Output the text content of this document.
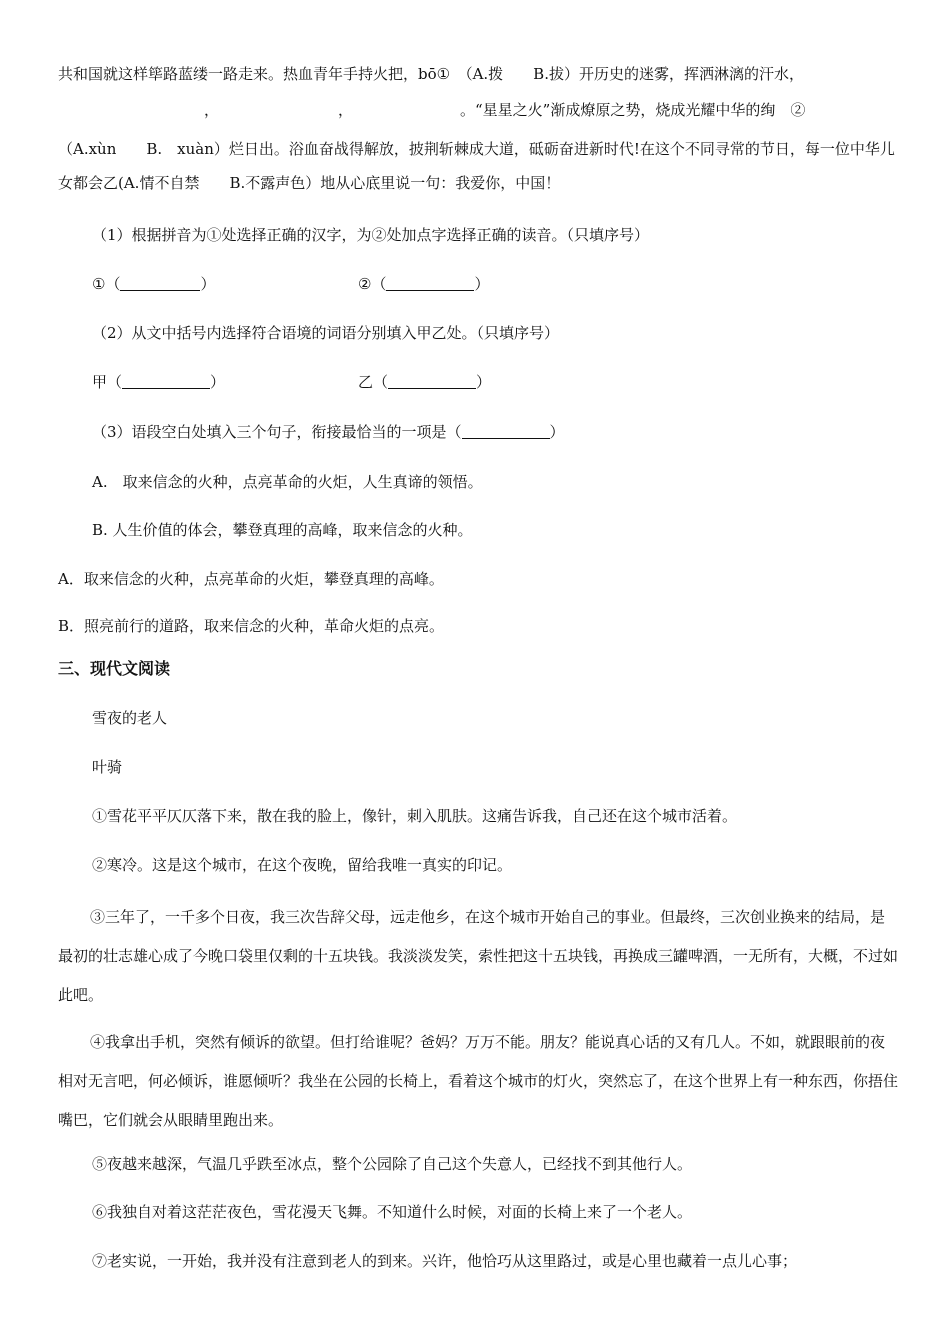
共和国就这样筚路蓝缕一路走来。热血青年手持火把，bō①　（A.拨　　B.拔）开历史的迷雾，挥洒淋漓的汗水，

，	，	。“星星之火”渐成燎原之势，烧成光耀中华的绚　②

（A.xùn　　B.　xuàn）烂日出。浴血奋战得解放，披荆斩棘成大道，砥砺奋进新时代!在这个不同寻常的节日，每一位中华儿女都会乙(A.情不自禁　　B.不露声色）地从心底里说一句：我爱你，中国！

（1）根据拼音为①处选择正确的汉字，为②处加点字选择正确的读音。（只填序号）

①（	）	②（	）

（2）从文中括号内选择符合语境的词语分别填入甲乙处。（只填序号）

甲（	）	乙（	）
（3）语段空白处填入三个句子，衔接最恰当的一项是（	）

A.　取来信念的火种，点亮革命的火炬，人生真谛的领悟。

B. 人生价值的体会，攀登真理的高峰，取来信念的火种。

A．取来信念的火种，点亮革命的火炬，攀登真理的高峰。

B．照亮前行的道路，取来信念的火种，革命火炬的点亮。

三、现代文阅读

雪夜的老人

叶骑

①雪花平平仄仄落下来，散在我的脸上，像针，刺入肌肤。这痛告诉我，自己还在这个城市活着。

②寒冷。这是这个城市，在这个夜晚，留给我唯一真实的印记。

③三年了，一千多个日夜，我三次告辞父母，远走他乡，在这个城市开始自己的事业。但最终，三次创业换来的结局，是最初的壮志雄心成了今晚口袋里仅剩的十五块钱。我淡淡发笑，索性把这十五块钱，再换成三罐啤酒，一无所有，大概，不过如此吧。

④我拿出手机，突然有倾诉的欲望。但打给谁呢？爸妈？万万不能。朋友？能说真心话的又有几人。不如，就跟眼前的夜相对无言吧，何必倾诉，谁愿倾听？我坐在公园的长椅上，看着这个城市的灯火，突然忘了，在这个世界上有一种东西，你捂住嘴巴，它们就会从眼睛里跑出来。

⑤夜越来越深，气温几乎跌至冰点，整个公园除了自己这个失意人，已经找不到其他行人。

⑥我独自对着这茫茫夜色，雪花漫天飞舞。不知道什么时候，对面的长椅上来了一个老人。

⑦老实说，一开始，我并没有注意到老人的到来。兴许，他恰巧从这里路过，或是心里也藏着一点儿心事；
